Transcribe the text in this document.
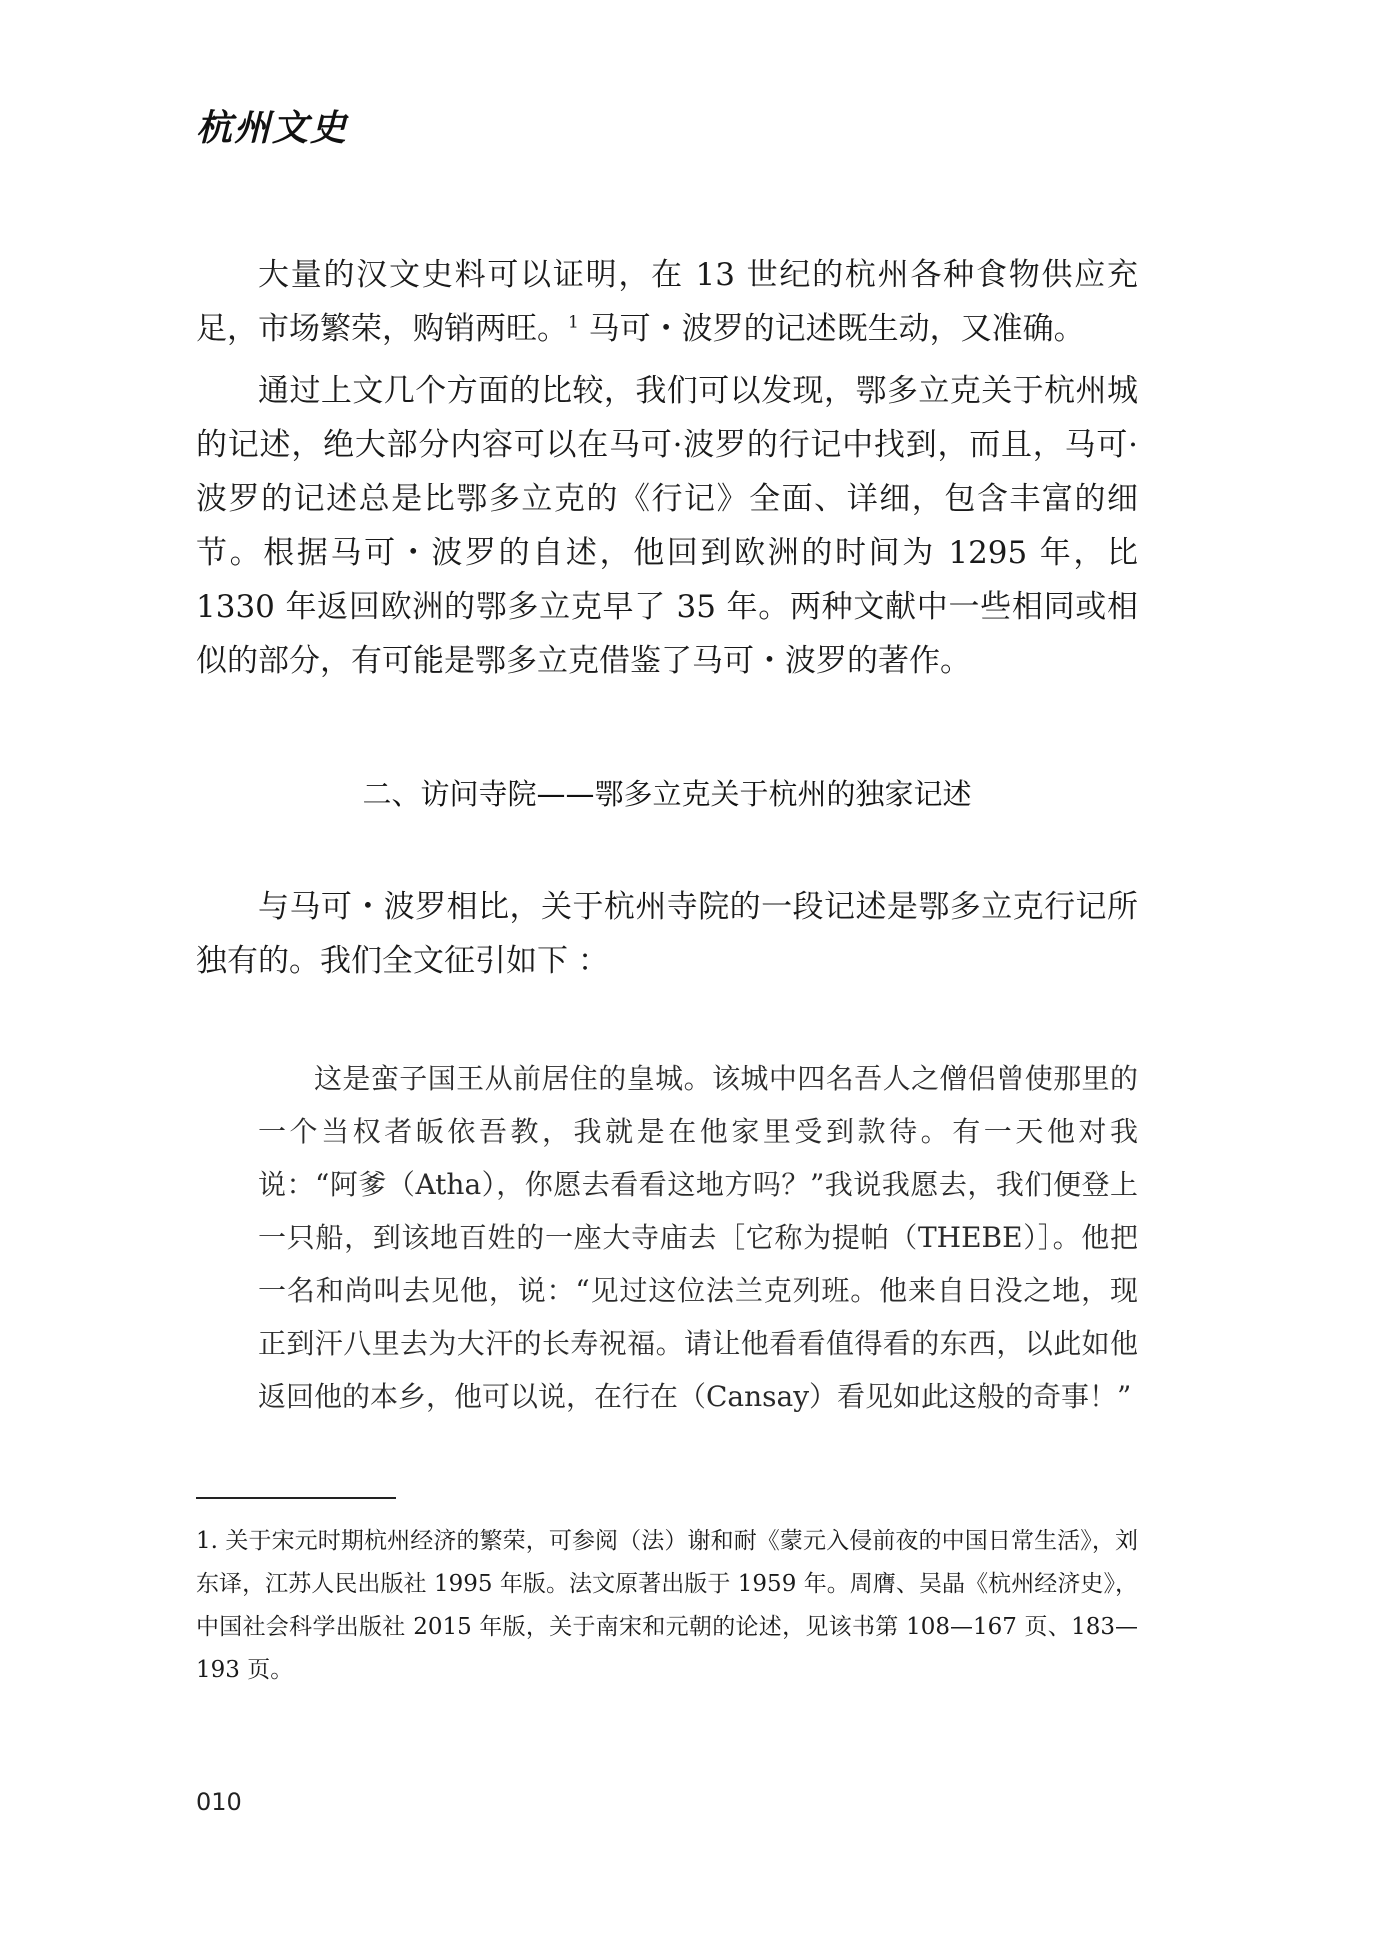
杭州文史

大量的汉文史料可以证明，在 13 世纪的杭州各种食物供应充足，市场繁荣，购销两旺。$^1$ 马可・波罗的记述既生动，又准确。

通过上文几个方面的比较，我们可以发现，鄂多立克关于杭州城的记述，绝大部分内容可以在马可·波罗的行记中找到，而且，马可·波罗的记述总是比鄂多立克的《行记》全面、详细，包含丰富的细节。根据马可・波罗的自述，他回到欧洲的时间为 1295 年，比 1330 年返回欧洲的鄂多立克早了 35 年。两种文献中一些相同或相似的部分，有可能是鄂多立克借鉴了马可・波罗的著作。

二、访问寺院——鄂多立克关于杭州的独家记述

与马可・波罗相比，关于杭州寺院的一段记述是鄂多立克行记所独有的。我们全文征引如下 ：

这是蛮子国王从前居住的皇城。该城中四名吾人之僧侣曾使那里的一个当权者皈依吾教，我就是在他家里受到款待。有一天他对我说：“阿爹（Atha），你愿去看看这地方吗？”我说我愿去，我们便登上一只船，到该地百姓的一座大寺庙去［它称为提帕（THEBE）］。他把一名和尚叫去见他，说：“见过这位法兰克列班。他来自日没之地，现正到汗八里去为大汗的长寿祝福。请让他看看值得看的东西，以此如他返回他的本乡，他可以说，在行在（Cansay）看见如此这般的奇事！”

1. 关于宋元时期杭州经济的繁荣，可参阅（法）谢和耐《蒙元入侵前夜的中国日常生活》，刘东译，江苏人民出版社 1995 年版。法文原著出版于 1959 年。周膺、吴晶《杭州经济史》，中国社会科学出版社 2015 年版，关于南宋和元朝的论述，见该书第 108—167 页、183—193 页。

010
